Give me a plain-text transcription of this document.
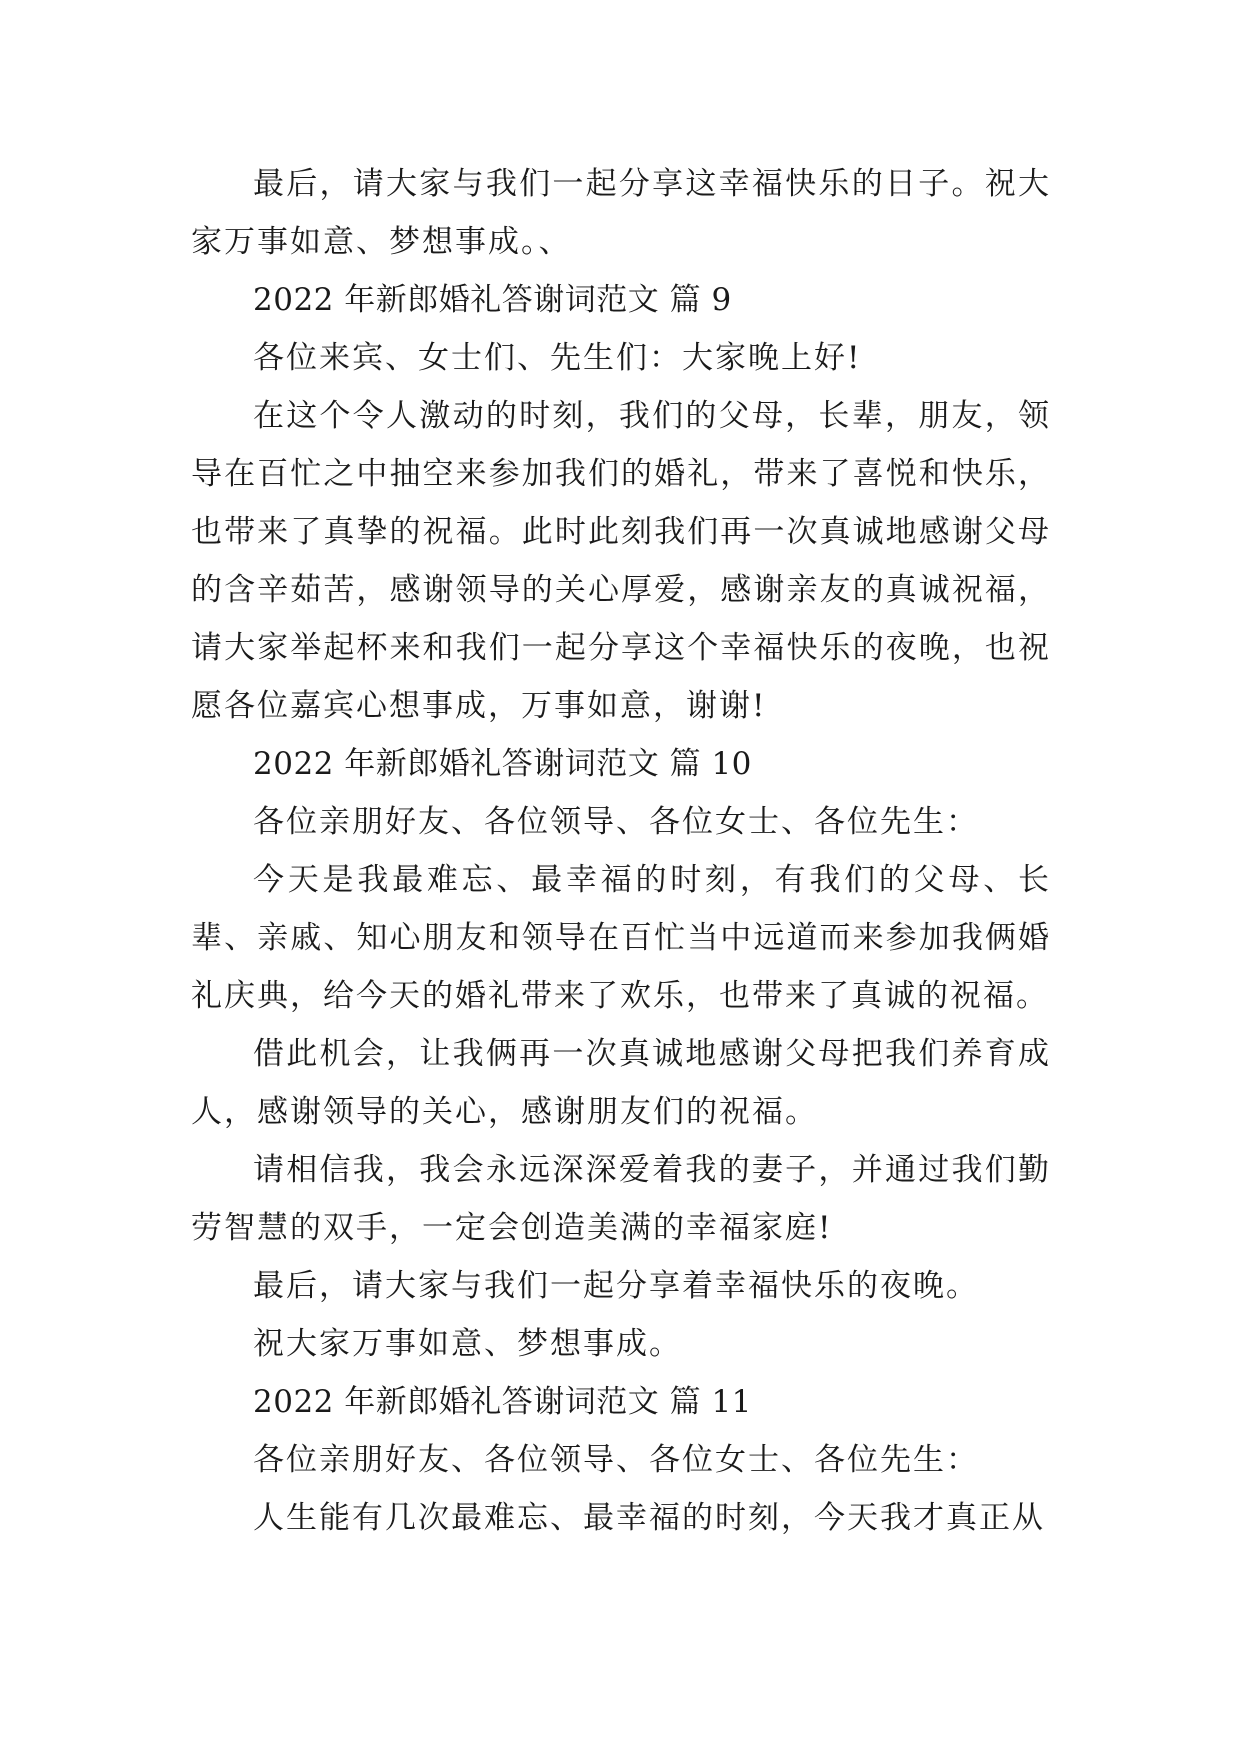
最后，请大家与我们一起分享这幸福快乐的日子。祝大家万事如意、梦想事成。、

2022 年新郎婚礼答谢词范文 篇 9

各位来宾、女士们、先生们：大家晚上好!

在这个令人激动的时刻，我们的父母，长辈，朋友，领导在百忙之中抽空来参加我们的婚礼，带来了喜悦和快乐，也带来了真挚的祝福。此时此刻我们再一次真诚地感谢父母的含辛茹苦，感谢领导的关心厚爱，感谢亲友的真诚祝福，请大家举起杯来和我们一起分享这个幸福快乐的夜晚，也祝愿各位嘉宾心想事成，万事如意，谢谢!

2022 年新郎婚礼答谢词范文 篇 10

各位亲朋好友、各位领导、各位女士、各位先生：

今天是我最难忘、最幸福的时刻，有我们的父母、长辈、亲戚、知心朋友和领导在百忙当中远道而来参加我俩婚礼庆典，给今天的婚礼带来了欢乐，也带来了真诚的祝福。

借此机会，让我俩再一次真诚地感谢父母把我们养育成人，感谢领导的关心，感谢朋友们的祝福。

请相信我，我会永远深深爱着我的妻子，并通过我们勤劳智慧的双手，一定会创造美满的幸福家庭!

最后，请大家与我们一起分享着幸福快乐的夜晚。

祝大家万事如意、梦想事成。

2022 年新郎婚礼答谢词范文 篇 11

各位亲朋好友、各位领导、各位女士、各位先生：

人生能有几次最难忘、最幸福的时刻，今天我才真正从
